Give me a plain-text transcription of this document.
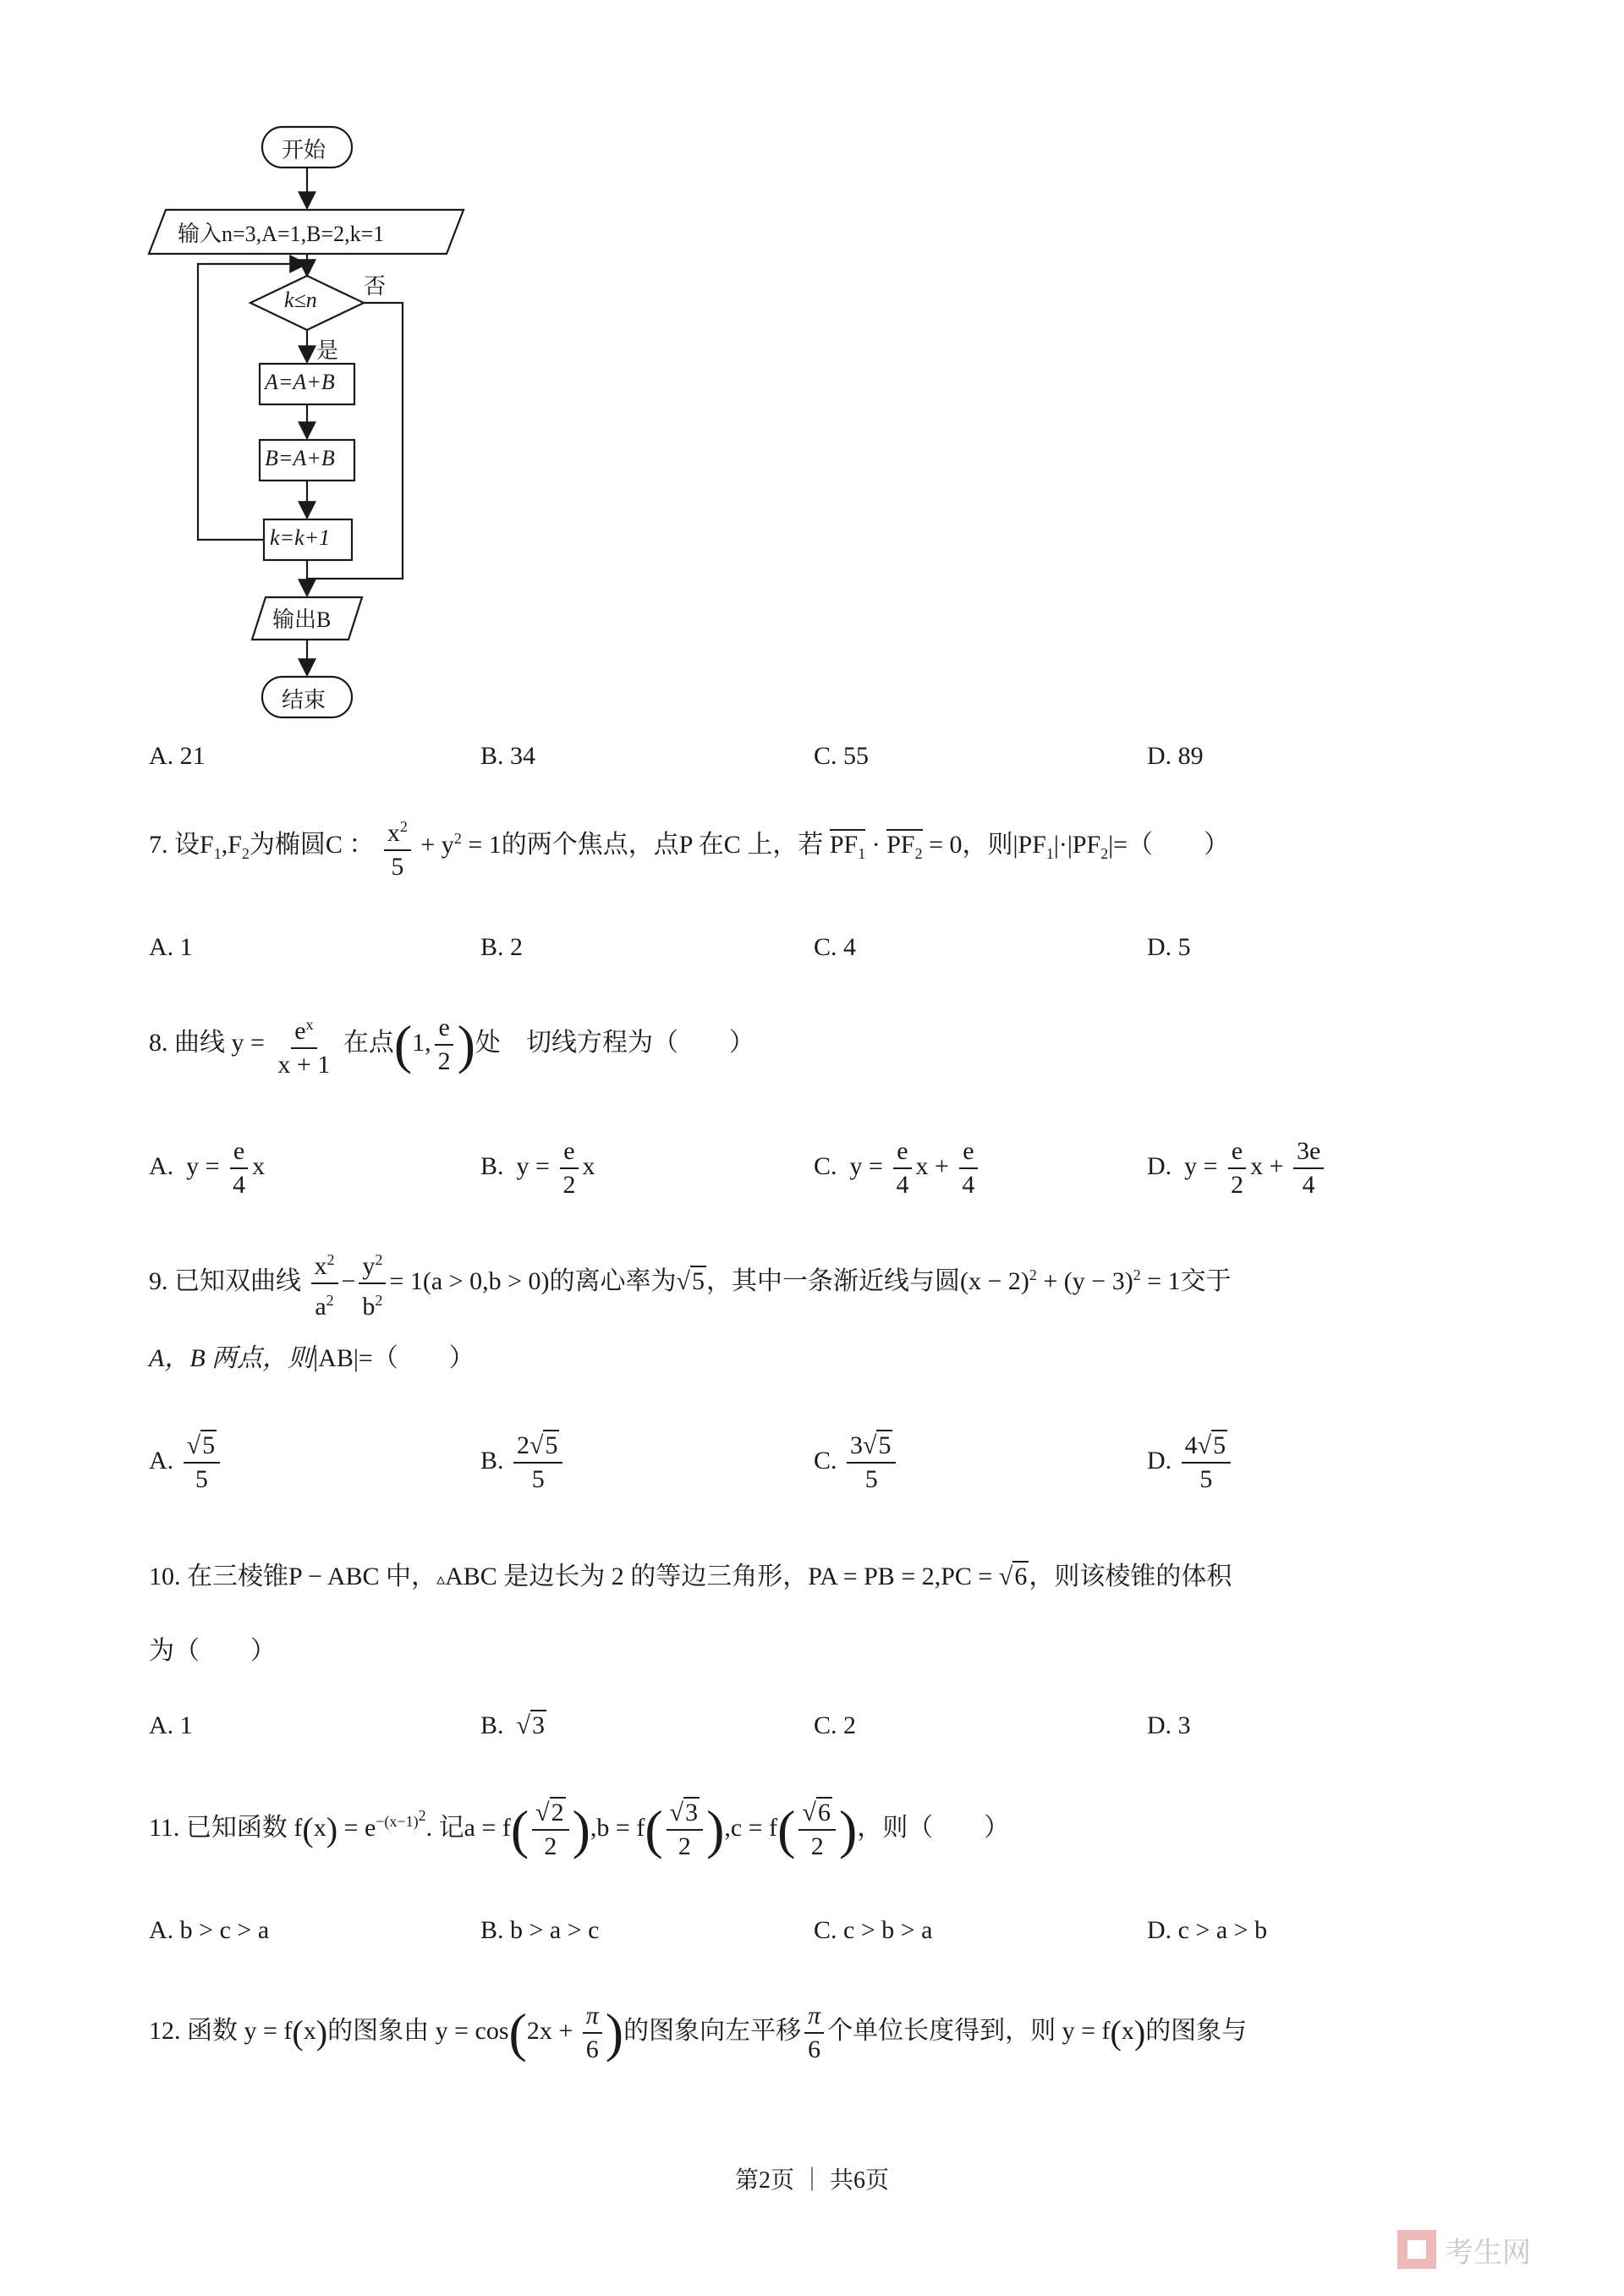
开始
输入n=3,A=1,B=2,k=1
k≤n
否
是
A=A+B
B=A+B
k=k+1
输出B
结束
A. 21	B. 34	C. 55	D. 89
7. 设$F_1,F_2$为椭圆C ： $\frac{x^2}{5} + y^2 = 1$的两个焦点，点P 在C 上，若 $PF_1 \cdot PF_2 = 0$，则$|PF_1|\cdot|PF_2|=$（　　）
A. 1	B. 2	C. 4	D. 5
8. 曲线 $y = \frac{e^x}{x + 1}$ 在点(1, $\frac{e}{2}$ )处　切线方程为（　　）
A.  $y = \frac{e}{4}$ x	B.  $y = \frac{e}{2}$ x	C.  $y = \frac{e}{4}$ $x + \frac{e}{4}$	D.  $y = \frac{e}{2}$ $x + \frac{3e}{4}$
9. 已知双曲线 $\frac{x^2}{a^2} - \frac{y^2}{b^2} = 1(a > 0,b > 0)$的离心率为√5，其中一条渐近线与圆$(x - 2)^2 + (y - 3)^2 = 1$交于
A，B 两点，则|AB|=（　　）
A. $\frac{√5}{5}$	B. $\frac{2√5}{5}$	C. $\frac{3√5}{5}$	D. $\frac{4√5}{5}$
10. 在三棱锥P − ABC 中，▵ABC 是边长为 2 的等边三角形，PA = PB = 2,PC = √6，则该棱锥的体积
为（　　）
A. 1	B.  √3	C. 2	D. 3
11. 已知函数 $f(x) = e^{-(x-1)^2}$. 记$a = f( \frac{√2}{2} ),b = f( \frac{√3}{2} ),c = f( \frac{√6}{2}$ )，则（　　）
A. b > c > a	B. b > a > c	C. c > b > a	D. c > a > b
12. 函数 y = f(x)的图象由 $y = \cos(2x + \frac{\pi}{6}$ )的图象向左平移 $\frac{\pi}{6}$ 个单位长度得到，则 y = f(x)的图象与
第2页 ｜ 共6页
考生网
